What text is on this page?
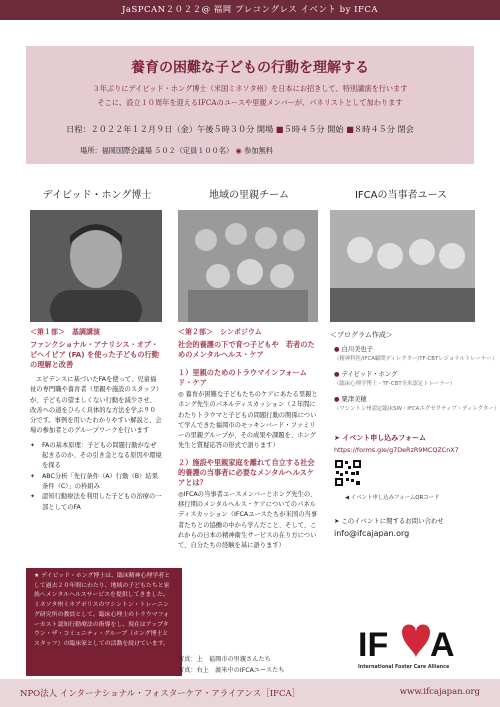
JaSPCAN２０２２@ 福岡 プレコングレス イベント by IFCA
養育の困難な子どもの行動を理解する
３年ぶりにデイビッド・ホング博士（米国ミネソタ州）を日本にお招きして、特別講演を行います
そこに、設立１０周年を迎えるIFCAのユースや里親メンバーが、パネリストとして加わります
日程：２０２２年１２月９日（金）午後５時３０分 開場 ■５時４５分 開始 ■８時４５分 閉会
場所：福岡国際会議場 ５０２（定員１００名） ◉ 参加無料
デイビッド・ホング博士	地域の里親チーム	IFCAの当事者ユース
＜第１部＞　基調講演
ファンクショナル・アナリシス・オブ・ビヘイビア (FA) を使った子どもの行動の理解と改善
エビデンスに基づいたFAを使って、児童福祉の専門職や養育者（里親や施設のスタッフ）が、子どもの望ましくない行動を減少させ、改善への道をひらく具体的な方法を学ぶ９０分です。事例を用いたわかりやすい解説と、会場の参加者とのグループワークを行います
✦ FAの基本原理：子どもの問題行動がなぜ起きるのか、その引き金となる原因や環境を探る
✦ ABC分析「先行条件（A）行動（B）結果条件（C）」の枠組み
✦ 認知行動療法を利用した子どもの治療の一部としてのFA
★ デイビッド・ホング博士は、臨床精神心理学者として過去２０年間にわたり、地域の子どもたちと家族へメンタルヘルスサービスを提供してきました。ミネソタ州ミネアポリスのワシントン・トレーニング研究所の教員として、臨床心理士のトラウマフォーカスト認知行動療法の指導をし、現在はアップタウン・ザ・コミュニティ・グループ（ホング博士とスタッフ）の臨床家としての活動を続けています。
＜第２部＞　シンポジウム
社会的養護の下で育つ子どもや　若者のためのメンタルヘルス・ケア
１）里親のためのトラウマインフォームド・ケア
◎ 養育が困難な子どもたちのケアにあたる里親とホング先生のパネルディスカッション（２年間にわたりトラウマと子どもの問題行動の関係について学んできた福岡市のモッキンバード・ファミリーの里親グループが、その成果や課題を、ホング先生と質疑応答の形式で語ります）
２）施設や里親家庭を離れて自立する社会的養護の当事者に必要なメンタルヘルスケアとは？
◎IFCAの当事者ユースメンバーとホング先生の、移行期のメンタルヘルス・ケアについてのパネルディスカッション（IFCAユースたちが米国の当事者たちとの協働の中から学んだこと、そして、これからの日本の精神衛生サービスの在り方について、自分たちの経験を基に語ります）
写真：上　福岡市の里親さんたち
写真：右上　渡米中のIFCAユースたち
＜プログラム作成＞
● 白川美也子
（精神科医/IFCA顧問ディレクター/TF-CBTレジョナルトレーナー）
● デイビッド・ホング
（臨床心理学博士・TF-CBT全米認定トレーナー）
● 粟津美穂
（ワシントン州認定臨床SW・IFCAエグゼクティブ・ディレクター）
➤ イベント申し込みフォーム
https://forms.gle/g7DeRzR9MCQZCnX7
◀ イベント申し込みフォームQRコード
➤ このイベントに関するお問い合わせ
info@ifcajapan.org
IF A
International Foster Care Alliance
NPO法人 インターナショナル・フォスターケア・アライアンス［IFCA］	www.ifcajapan.org
